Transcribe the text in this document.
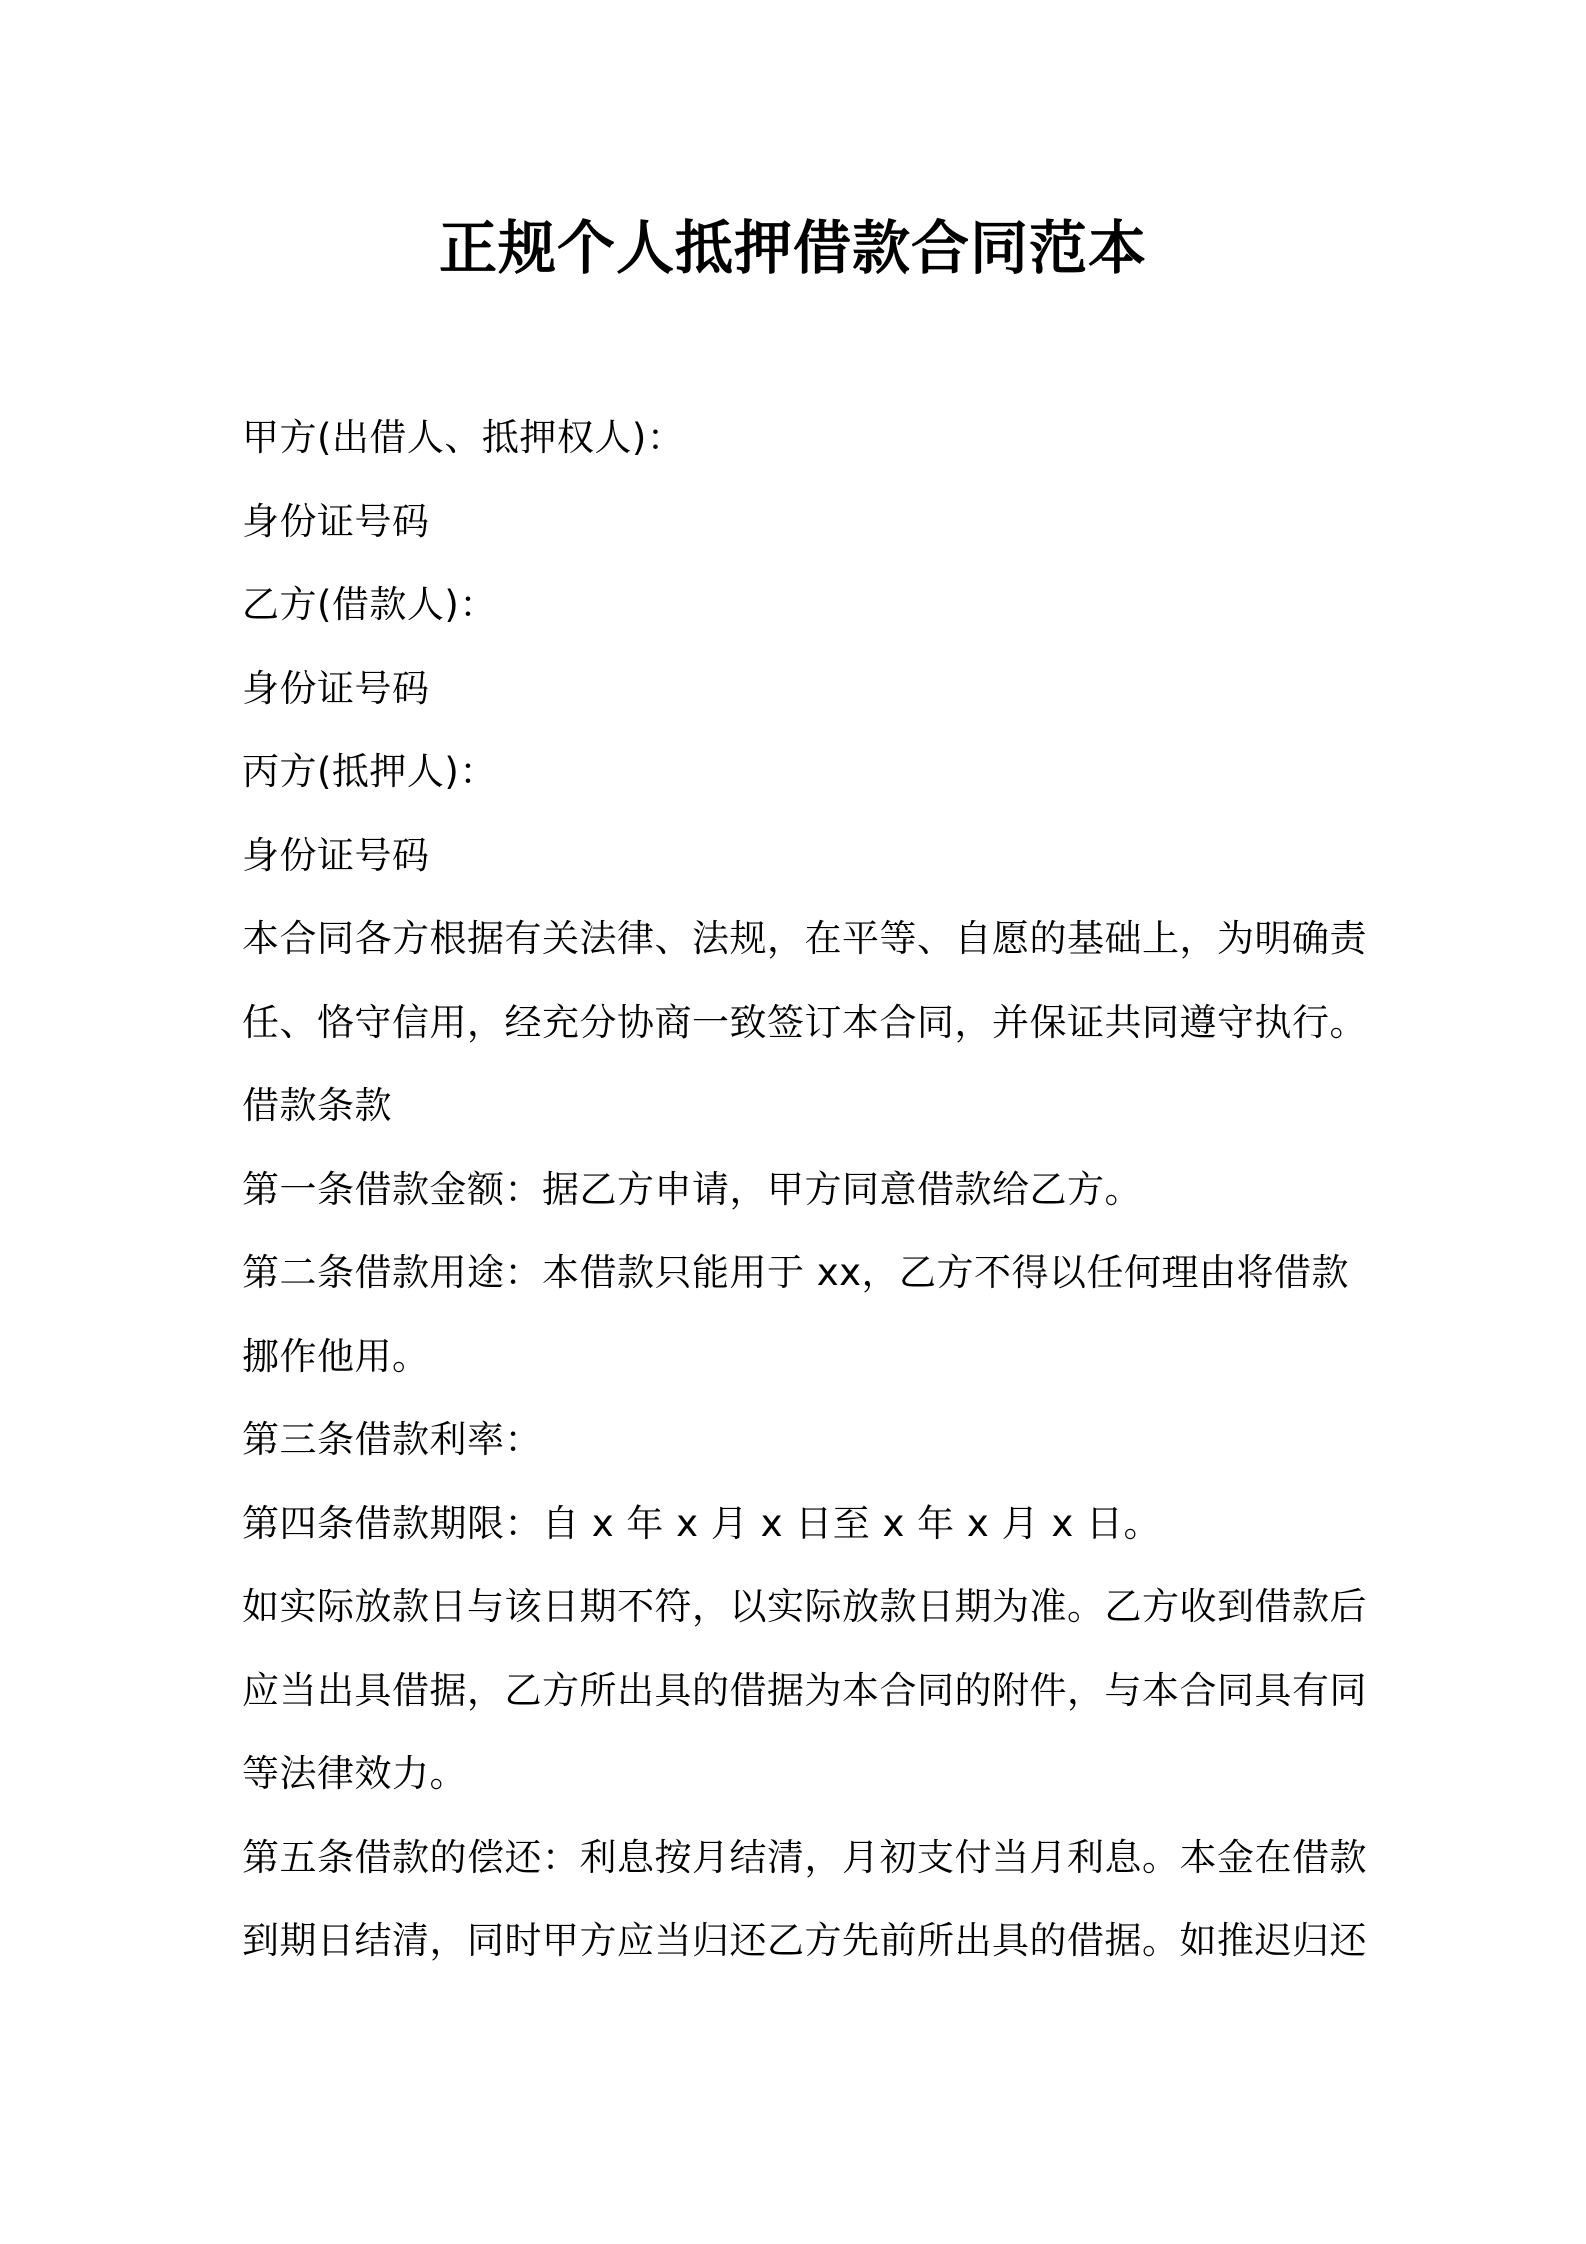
正规个人抵押借款合同范本
甲方(出借人、抵押权人)：
身份证号码
乙方(借款人)：
身份证号码
丙方(抵押人)：
身份证号码
本合同各方根据有关法律、法规，在平等、自愿的基础上，为明确责
任、恪守信用，经充分协商一致签订本合同，并保证共同遵守执行。
借款条款
第一条借款金额：据乙方申请，甲方同意借款给乙方。
第二条借款用途：本借款只能用于 xx，乙方不得以任何理由将借款
挪作他用。
第三条借款利率：
第四条借款期限：自 x 年 x 月 x 日至 x 年 x 月 x 日。
如实际放款日与该日期不符，以实际放款日期为准。乙方收到借款后
应当出具借据，乙方所出具的借据为本合同的附件，与本合同具有同
等法律效力。
第五条借款的偿还：利息按月结清，月初支付当月利息。本金在借款
到期日结清，同时甲方应当归还乙方先前所出具的借据。如推迟归还
